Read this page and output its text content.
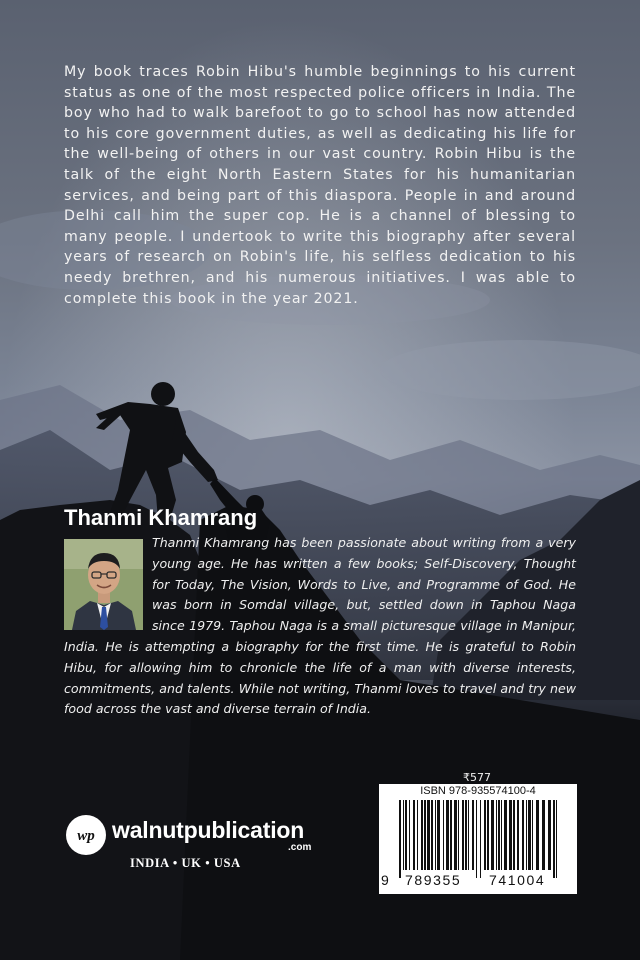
My book traces Robin Hibu's humble beginnings to his current status as one of the most respected police officers in India. The boy who had to walk barefoot to go to school has now attended to his core government duties, as well as dedicating his life for the well-being of others in our vast country. Robin Hibu is the talk of the eight North Eastern States for his humanitarian services, and being part of this diaspora. People in and around Delhi call him the super cop. He is a channel of blessing to many people. I undertook to write this biography after several years of research on Robin's life, his selfless dedication to his needy brethren, and his numerous initiatives. I was able to complete this book in the year 2021.

Thanmi Khamrang

Thanmi Khamrang has been passionate about writing from a very young age. He has written a few books; Self-Discovery, Thought for Today, The Vision, Words to Live, and Programme of God. He was born in Somdal village, but, settled down in Taphou Naga since 1979. Taphou Naga is a small picturesque village in Manipur, India. He is attempting a biography for the first time. He is grateful to Robin Hibu, for allowing him to chronicle the life of a man with diverse interests, commitments, and talents. While not writing, Thanmi loves to travel and try new food across the vast and diverse terrain of India.

wp walnutpublication
.com
INDIA • UK • USA
₹577
ISBN 978-935574100-4
9 789355 741004
